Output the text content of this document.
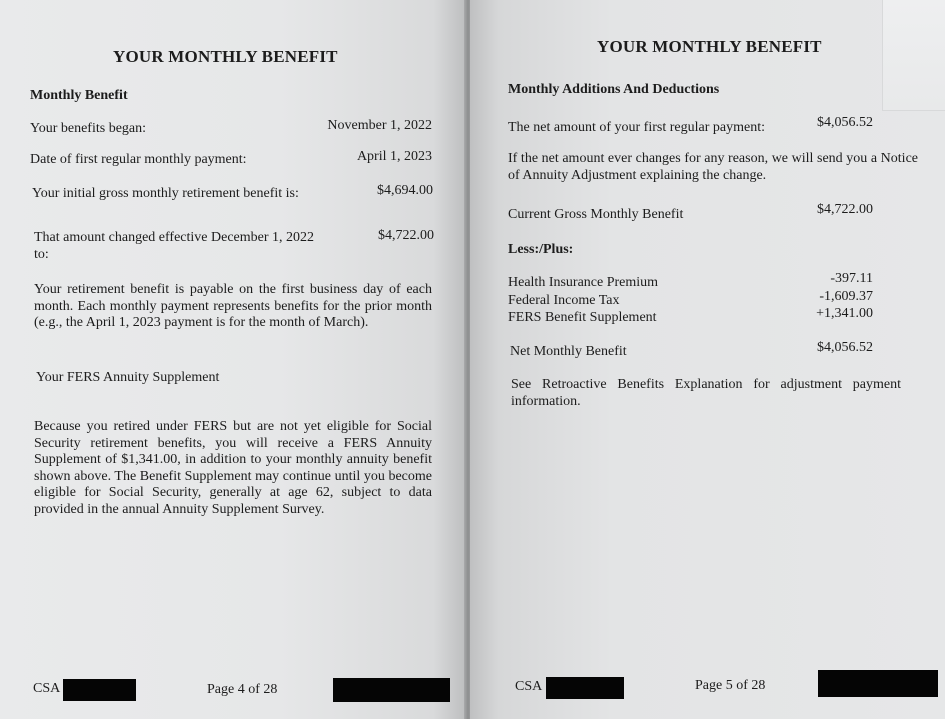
YOUR MONTHLY BENEFIT
Monthly Benefit
Your benefits began:	November 1, 2022
Date of first regular monthly payment:	April 1, 2023
Your initial gross monthly retirement benefit is:	$4,694.00
That amount changed effective December 1, 2022
to:
$4,722.00

Your retirement benefit is payable on the first business day of each month. Each monthly payment represents benefits for the prior month (e.g., the April 1, 2023 payment is for the month of March).

Your FERS Annuity Supplement

Because you retired under FERS but are not yet eligible for Social Security retirement benefits, you will receive a FERS Annuity Supplement of $1,341.00, in addition to your monthly annuity benefit shown above. The Benefit Supplement may continue until you become eligible for Social Security, generally at age 62, subject to data provided in the annual Annuity Supplement Survey.

CSA	Page 4 of 28
YOUR MONTHLY BENEFIT
Monthly Additions And Deductions
The net amount of your first regular payment:	$4,056.52

If the net amount ever changes for any reason, we will send you a Notice of Annuity Adjustment explaining the change.

Current Gross Monthly Benefit	$4,722.00
Less:/Plus:
Health Insurance Premium	-397.11
Federal Income Tax	-1,609.37
FERS Benefit Supplement	+1,341.00
Net Monthly Benefit	$4,056.52

See Retroactive Benefits Explanation for adjustment payment information.

CSA	Page 5 of 28
